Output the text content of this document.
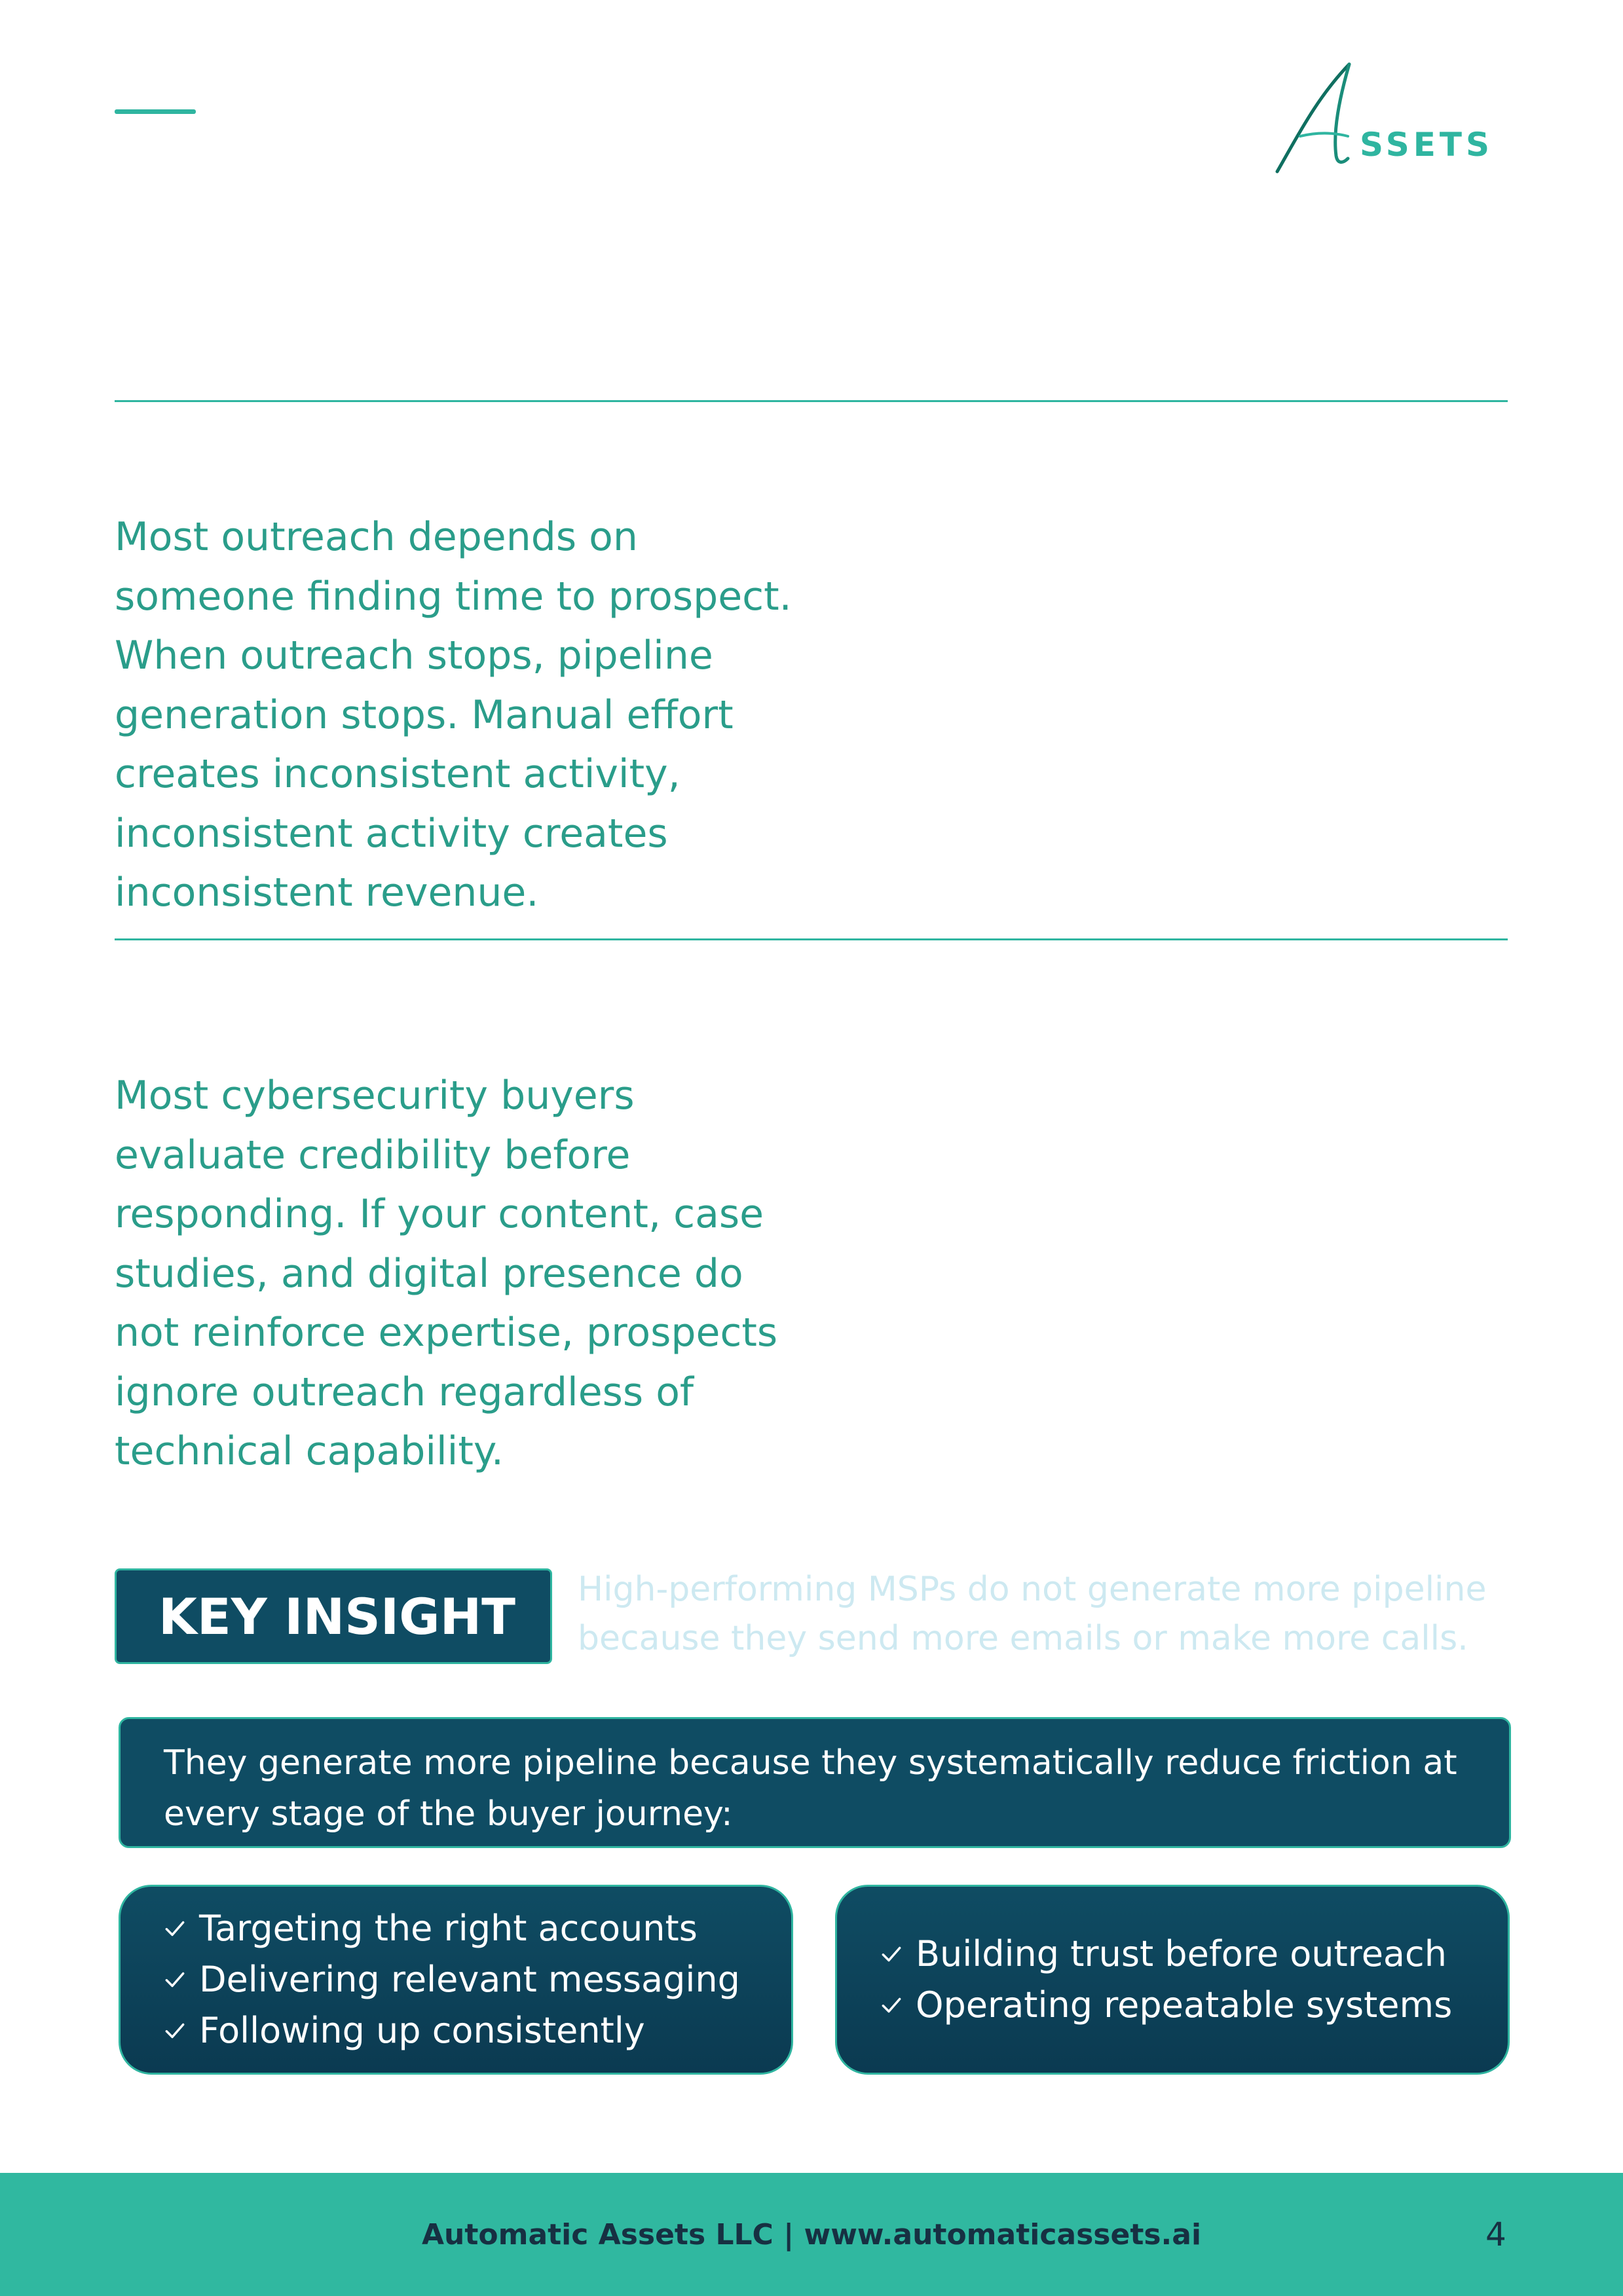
SSETS
Most outreach depends on someone finding time to prospect. When outreach stops, pipeline generation stops. Manual effort creates inconsistent activity, inconsistent activity creates inconsistent revenue.
Most cybersecurity buyers evaluate credibility before responding. If your content, case studies, and digital presence do not reinforce expertise, prospects ignore outreach regardless of technical capability.
KEY INSIGHT	High-performing MSPs do not generate more pipeline because they send more emails or make more calls.
They generate more pipeline because they systematically reduce friction at every stage of the buyer journey:
Targeting the right accounts
Delivering relevant messaging
Following up consistently
Building trust before outreach
Operating repeatable systems
Automatic Assets LLC | www.automaticassets.ai	4
